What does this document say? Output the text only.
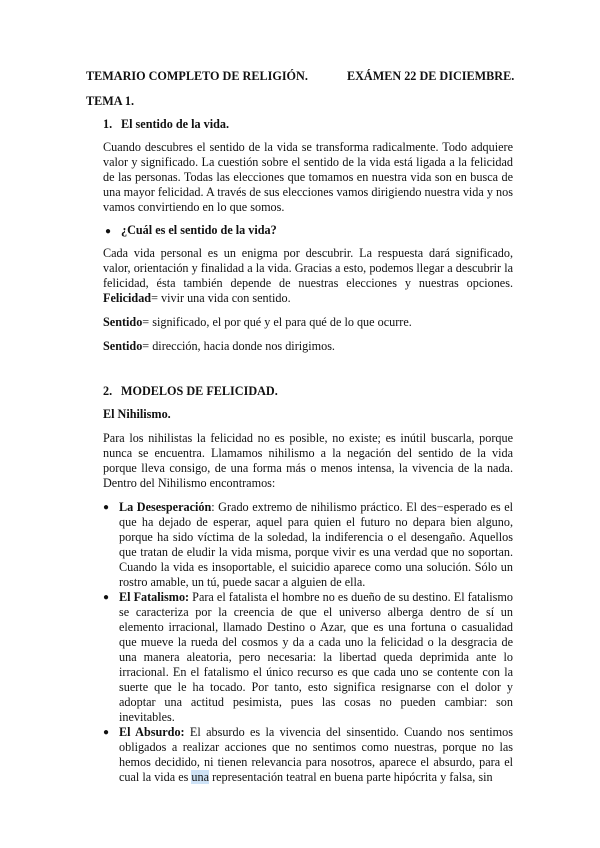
TEMARIO COMPLETO DE RELIGIÓN.	EXÁMEN 22 DE DICIEMBRE.
TEMA 1.
1. El sentido de la vida.
Cuando descubres el sentido de la vida se transforma radicalmente. Todo adquiere valor y significado. La cuestión sobre el sentido de la vida está ligada a la felicidad de las personas. Todas las elecciones que tomamos en nuestra vida son en busca de una mayor felicidad. A través de sus elecciones vamos dirigiendo nuestra vida y nos vamos convirtiendo en lo que somos.
● ¿Cuál es el sentido de la vida?
Cada vida personal es un enigma por descubrir. La respuesta dará significado, valor, orientación y finalidad a la vida. Gracias a esto, podemos llegar a descubrir la felicidad, ésta también depende de nuestras elecciones y nuestras opciones. Felicidad= vivir una vida con sentido.
Sentido= significado, el por qué y el para qué de lo que ocurre.
Sentido= dirección, hacia donde nos dirigimos.
2. MODELOS DE FELICIDAD.
El Nihilismo.
Para los nihilistas la felicidad no es posible, no existe; es inútil buscarla, porque nunca se encuentra. Llamamos nihilismo a la negación del sentido de la vida porque lleva consigo, de una forma más o menos intensa, la vivencia de la nada. Dentro del Nihilismo encontramos:
● La Desesperación: Grado extremo de nihilismo práctico. El des−esperado es el que ha dejado de esperar, aquel para quien el futuro no depara bien alguno, porque ha sido víctima de la soledad, la indiferencia o el desengaño. Aquellos que tratan de eludir la vida misma, porque vivir es una verdad que no soportan. Cuando la vida es insoportable, el suicidio aparece como una solución. Sólo un rostro amable, un tú, puede sacar a alguien de ella.
● El Fatalismo: Para el fatalista el hombre no es dueño de su destino. El fatalismo se caracteriza por la creencia de que el universo alberga dentro de sí un elemento irracional, llamado Destino o Azar, que es una fortuna o casualidad que mueve la rueda del cosmos y da a cada uno la felicidad o la desgracia de una manera aleatoria, pero necesaria: la libertad queda deprimida ante lo irracional. En el fatalismo el único recurso es que cada uno se contente con la suerte que le ha tocado. Por tanto, esto significa resignarse con el dolor y adoptar una actitud pesimista, pues las cosas no pueden cambiar: son inevitables.
● El Absurdo: El absurdo es la vivencia del sinsentido. Cuando nos sentimos obligados a realizar acciones que no sentimos como nuestras, porque no las hemos decidido, ni tienen relevancia para nosotros, aparece el absurdo, para el cual la vida es una representación teatral en buena parte hipócrita y falsa, sin
